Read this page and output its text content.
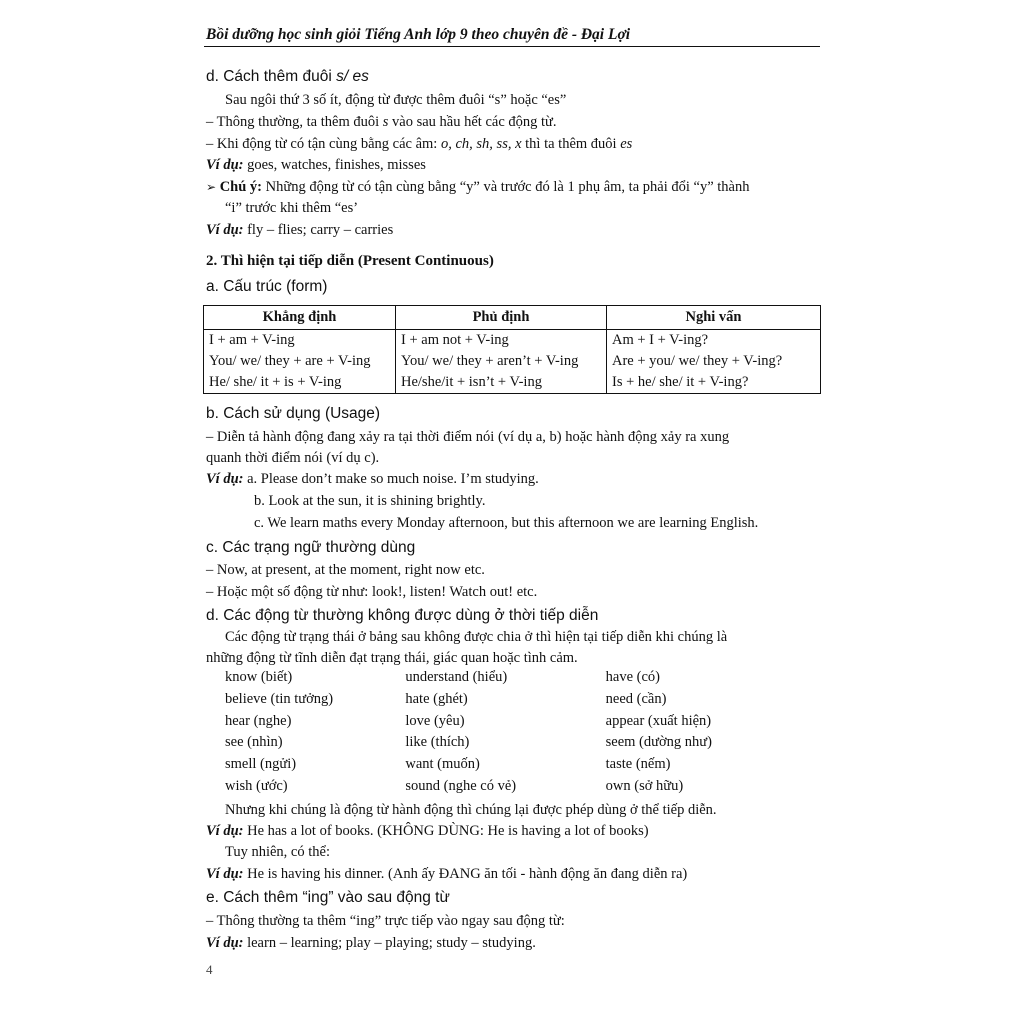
Bồi dưỡng học sinh giỏi Tiếng Anh lớp 9 theo chuyên đề - Đại Lợi
d. Cách thêm đuôi s/ es
Sau ngôi thứ 3 số ít, động từ được thêm đuôi “s” hoặc “es”
– Thông thường, ta thêm đuôi s vào sau hầu hết các động từ.
– Khi động từ có tận cùng bằng các âm: o, ch, sh, ss, x thì ta thêm đuôi es
Ví dụ: goes, watches, finishes, misses
➢ Chú ý: Những động từ có tận cùng bằng “y” và trước đó là 1 phụ âm, ta phải đổi “y” thành
“i” trước khi thêm “es’
Ví dụ: fly – flies; carry – carries
2. Thì hiện tại tiếp diễn (Present Continuous)
a. Cấu trúc (form)
Khẳng định	Phủ định	Nghi vấn
I + am + V-ing	I + am not + V-ing	Am + I + V-ing?
You/ we/ they + are + V-ing	You/ we/ they + aren’t + V-ing	Are + you/ we/ they + V-ing?
He/ she/ it + is + V-ing	He/she/it + isn’t + V-ing	Is + he/ she/ it + V-ing?
b. Cách sử dụng (Usage)
– Diễn tả hành động đang xảy ra tại thời điểm nói (ví dụ a, b) hoặc hành động xảy ra xung
quanh thời điểm nói (ví dụ c).
Ví dụ: a. Please don’t make so much noise. I’m studying.
b. Look at the sun, it is shining brightly.
c. We learn maths every Monday afternoon, but this afternoon we are learning English.
c. Các trạng ngữ thường dùng
– Now, at present, at the moment, right now etc.
– Hoặc một số động từ như: look!, listen! Watch out! etc.
d. Các động từ thường không được dùng ở thời tiếp diễn
Các động từ trạng thái ở bảng sau không được chia ở thì hiện tại tiếp diễn khi chúng là
những động từ tĩnh diễn đạt trạng thái, giác quan hoặc tình cảm.
know (biết)	understand (hiểu)	have (có)
believe (tin tưởng)	hate (ghét)	need (cần)
hear (nghe)	love (yêu)	appear (xuất hiện)
see (nhìn)	like (thích)	seem (dường như)
smell (ngửi)	want (muốn)	taste (nếm)
wish (ước)	sound (nghe có vẻ)	own (sở hữu)
Nhưng khi chúng là động từ hành động thì chúng lại được phép dùng ở thể tiếp diễn.
Ví dụ: He has a lot of books. (KHÔNG DÙNG: He is having a lot of books)
Tuy nhiên, có thể:
Ví dụ: He is having his dinner. (Anh ấy ĐANG ăn tối - hành động ăn đang diễn ra)
e. Cách thêm “ing” vào sau động từ
– Thông thường ta thêm “ing” trực tiếp vào ngay sau động từ:
Ví dụ: learn – learning; play – playing; study – studying.
4
